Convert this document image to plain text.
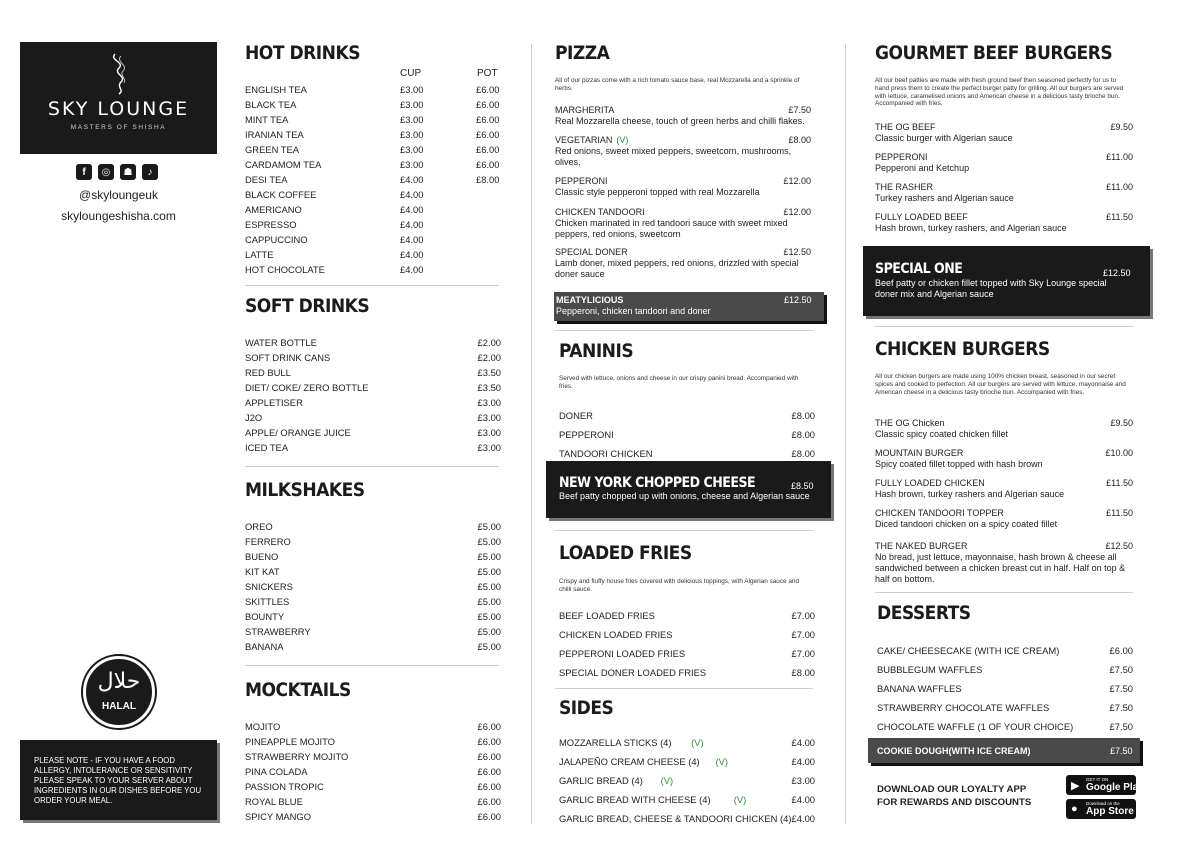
SKY LOUNGE
MASTERS OF SHISHA
f	◎	☗	♪
@skyloungeuk
skyloungeshisha.com
حلال
HALAL
PLEASE NOTE - IF YOU HAVE A FOOD ALLERGY, INTOLERANCE OR SENSITIVITY PLEASE SPEAK TO YOUR SERVER ABOUT INGREDIENTS IN OUR DISHES BEFORE YOU ORDER YOUR MEAL.
HOT DRINKS
CUP	POT
ENGLISH TEA	£3.00	£6.00
BLACK TEA	£3.00	£6.00
MINT TEA	£3.00	£6.00
IRANIAN TEA	£3.00	£6.00
GREEN TEA	£3.00	£6.00
CARDAMOM TEA	£3.00	£6.00
DESI TEA	£4.00	£8.00
BLACK COFFEE	£4.00
AMERICANO	£4.00
ESPRESSO	£4.00
CAPPUCCINO	£4.00
LATTE	£4.00
HOT CHOCOLATE	£4.00
SOFT DRINKS
WATER BOTTLE	£2.00
SOFT DRINK CANS	£2.00
RED BULL	£3.50
DIET/ COKE/ ZERO BOTTLE	£3.50
APPLETISER	£3.00
J2O	£3.00
APPLE/ ORANGE JUICE	£3.00
ICED TEA	£3.00
MILKSHAKES
OREO	£5.00
FERRERO	£5.00
BUENO	£5.00
KIT KAT	£5.00
SNICKERS	£5.00
SKITTLES	£5.00
BOUNTY	£5.00
STRAWBERRY	£5.00
BANANA	£5.00
MOCKTAILS
MOJITO	£6.00
PINEAPPLE MOJITO	£6.00
STRAWBERRY MOJITO	£6.00
PINA COLADA	£6.00
PASSION TROPIC	£6.00
ROYAL BLUE	£6.00
SPICY MANGO	£6.00
PIZZA
All of our pizzas come with a rich tomato sauce base, real Mozzarella and a sprinkle of herbs.
MARGHERITA	£7.50
Real Mozzarella cheese, touch of green herbs and chilli flakes.
VEGETARIAN (V)	£8.00
Red onions, sweet mixed peppers, sweetcorn, mushrooms, olives,
PEPPERONI	£12.00
Classic style pepperoni topped with real Mozzarella
CHICKEN TANDOORI	£12.00
Chicken marinated in red tandoori sauce with sweet mixed peppers, red onions, sweetcorn
SPECIAL DONER	£12.50
Lamb doner, mixed peppers, red onions, drizzled with special doner sauce
MEATYLICIOUS	£12.50
Pepperoni, chicken tandoori and doner
PANINIS
Served with lettuce, onions and cheese in our crispy panini bread. Accompanied with fries.
DONER	£8.00
PEPPERONI	£8.00
TANDOORI CHICKEN	£8.00
NEW YORK CHOPPED CHEESE	£8.50
Beef patty chopped up with onions, cheese and Algerian sauce
LOADED FRIES
Crispy and fluffy house fries covered with delicious toppings, with Algerian sauce and chilli sauce.
BEEF LOADED FRIES	£7.00
CHICKEN LOADED FRIES	£7.00
PEPPERONI LOADED FRIES	£7.00
SPECIAL DONER LOADED FRIES	£8.00
SIDES
MOZZARELLA STICKS (4) (V)	£4.00
JALAPEÑO CREAM CHEESE (4) (V)	£4.00
GARLIC BREAD (4) (V)	£3.00
GARLIC BREAD WITH CHEESE (4) (V)	£4.00
GARLIC BREAD, CHEESE & TANDOORI CHICKEN (4) £4.00
GOURMET BEEF BURGERS
All our beef patties are made with fresh ground beef then seasoned perfectly for us to hand press them to create the perfect burger patty for grilling. All our burgers are served with lettuce, caramelised onions and American cheese in a delicious tasty brioche bun. Accompanied with fries.
THE OG BEEF	£9.50
Classic burger with Algerian sauce
PEPPERONI	£11.00
Pepperoni and Ketchup
THE RASHER	£11.00
Turkey rashers and Algerian sauce
FULLY LOADED BEEF	£11.50
Hash brown, turkey rashers, and Algerian sauce
SPECIAL ONE	£12.50
Beef patty or chicken fillet topped with Sky Lounge special doner mix and Algerian sauce
CHICKEN BURGERS
All our chicken burgers are made using 100% chicken breast, seasoned in our secret spices and cooked to perfection. All our burgers are served with lettuce, mayonnaise and American cheese in a delicious tasty brioche bun. Accompanied with fries.
THE OG Chicken	£9.50
Classic spicy coated chicken fillet
MOUNTAIN BURGER	£10.00
Spicy coated fillet topped with hash brown
FULLY LOADED CHICKEN	£11.50
Hash brown, turkey rashers and Algerian sauce
CHICKEN TANDOORI TOPPER	£11.50
Diced tandoori chicken on a spicy coated fillet
THE NAKED BURGER	£12.50
No bread, just lettuce, mayonnaise, hash brown & cheese all sandwiched between a chicken breast cut in half. Half on top & half on bottom.
DESSERTS
CAKE/ CHEESECAKE (WITH ICE CREAM)	£6.00
BUBBLEGUM WAFFLES	£7.50
BANANA WAFFLES	£7.50
STRAWBERRY CHOCOLATE WAFFLES	£7.50
CHOCOLATE WAFFLE (1 OF YOUR CHOICE)	£7.50
COOKIE DOUGH(WITH ICE CREAM)	£7.50
DOWNLOAD OUR LOYALTY APP
FOR REWARDS AND DISCOUNTS
▶
GET IT ON
Google Play
● Download on the
App Store
